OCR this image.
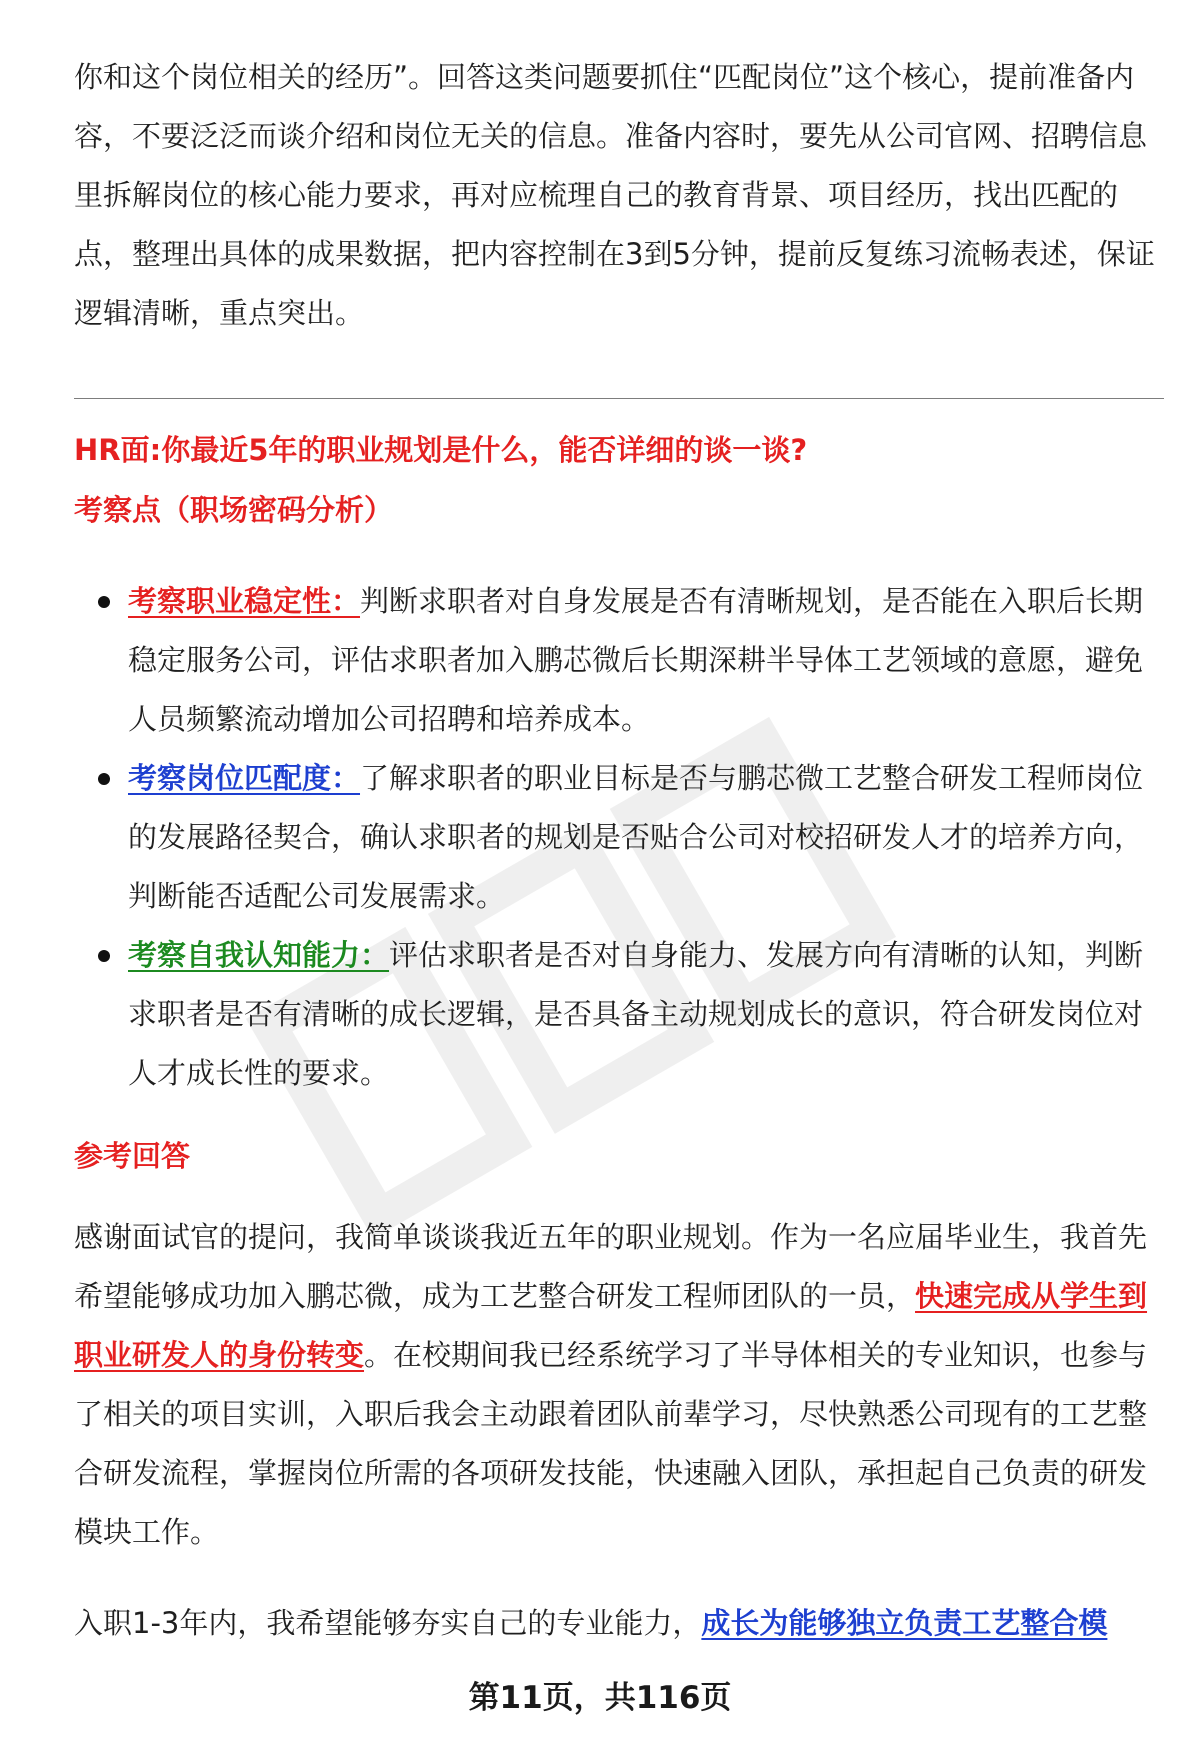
你和这个岗位相关的经历”。回答这类问题要抓住“匹配岗位”这个核心，提前准备内容，不要泛泛而谈介绍和岗位无关的信息。准备内容时，要先从公司官网、招聘信息里拆解岗位的核心能力要求，再对应梳理自己的教育背景、项目经历，找出匹配的点，整理出具体的成果数据，把内容控制在3到5分钟，提前反复练习流畅表述，保证逻辑清晰，重点突出。

HR面:你最近5年的职业规划是什么，能否详细的谈一谈?
考察点（职场密码分析）
考察职业稳定性：判断求职者对自身发展是否有清晰规划，是否能在入职后长期稳定服务公司，评估求职者加入鹏芯微后长期深耕半导体工艺领域的意愿，避免人员频繁流动增加公司招聘和培养成本。
考察岗位匹配度：了解求职者的职业目标是否与鹏芯微工艺整合研发工程师岗位的发展路径契合，确认求职者的规划是否贴合公司对校招研发人才的培养方向，判断能否适配公司发展需求。
考察自我认知能力：评估求职者是否对自身能力、发展方向有清晰的认知，判断求职者是否有清晰的成长逻辑，是否具备主动规划成长的意识，符合研发岗位对人才成长性的要求。
参考回答

感谢面试官的提问，我简单谈谈我近五年的职业规划。作为一名应届毕业生，我首先希望能够成功加入鹏芯微，成为工艺整合研发工程师团队的一员，快速完成从学生到职业研发人的身份转变。在校期间我已经系统学习了半导体相关的专业知识，也参与了相关的项目实训，入职后我会主动跟着团队前辈学习，尽快熟悉公司现有的工艺整合研发流程，掌握岗位所需的各项研发技能，快速融入团队，承担起自己负责的研发模块工作。

入职1-3年内，我希望能够夯实自己的专业能力，成长为能够独立负责工艺整合模

第11页，共116页
